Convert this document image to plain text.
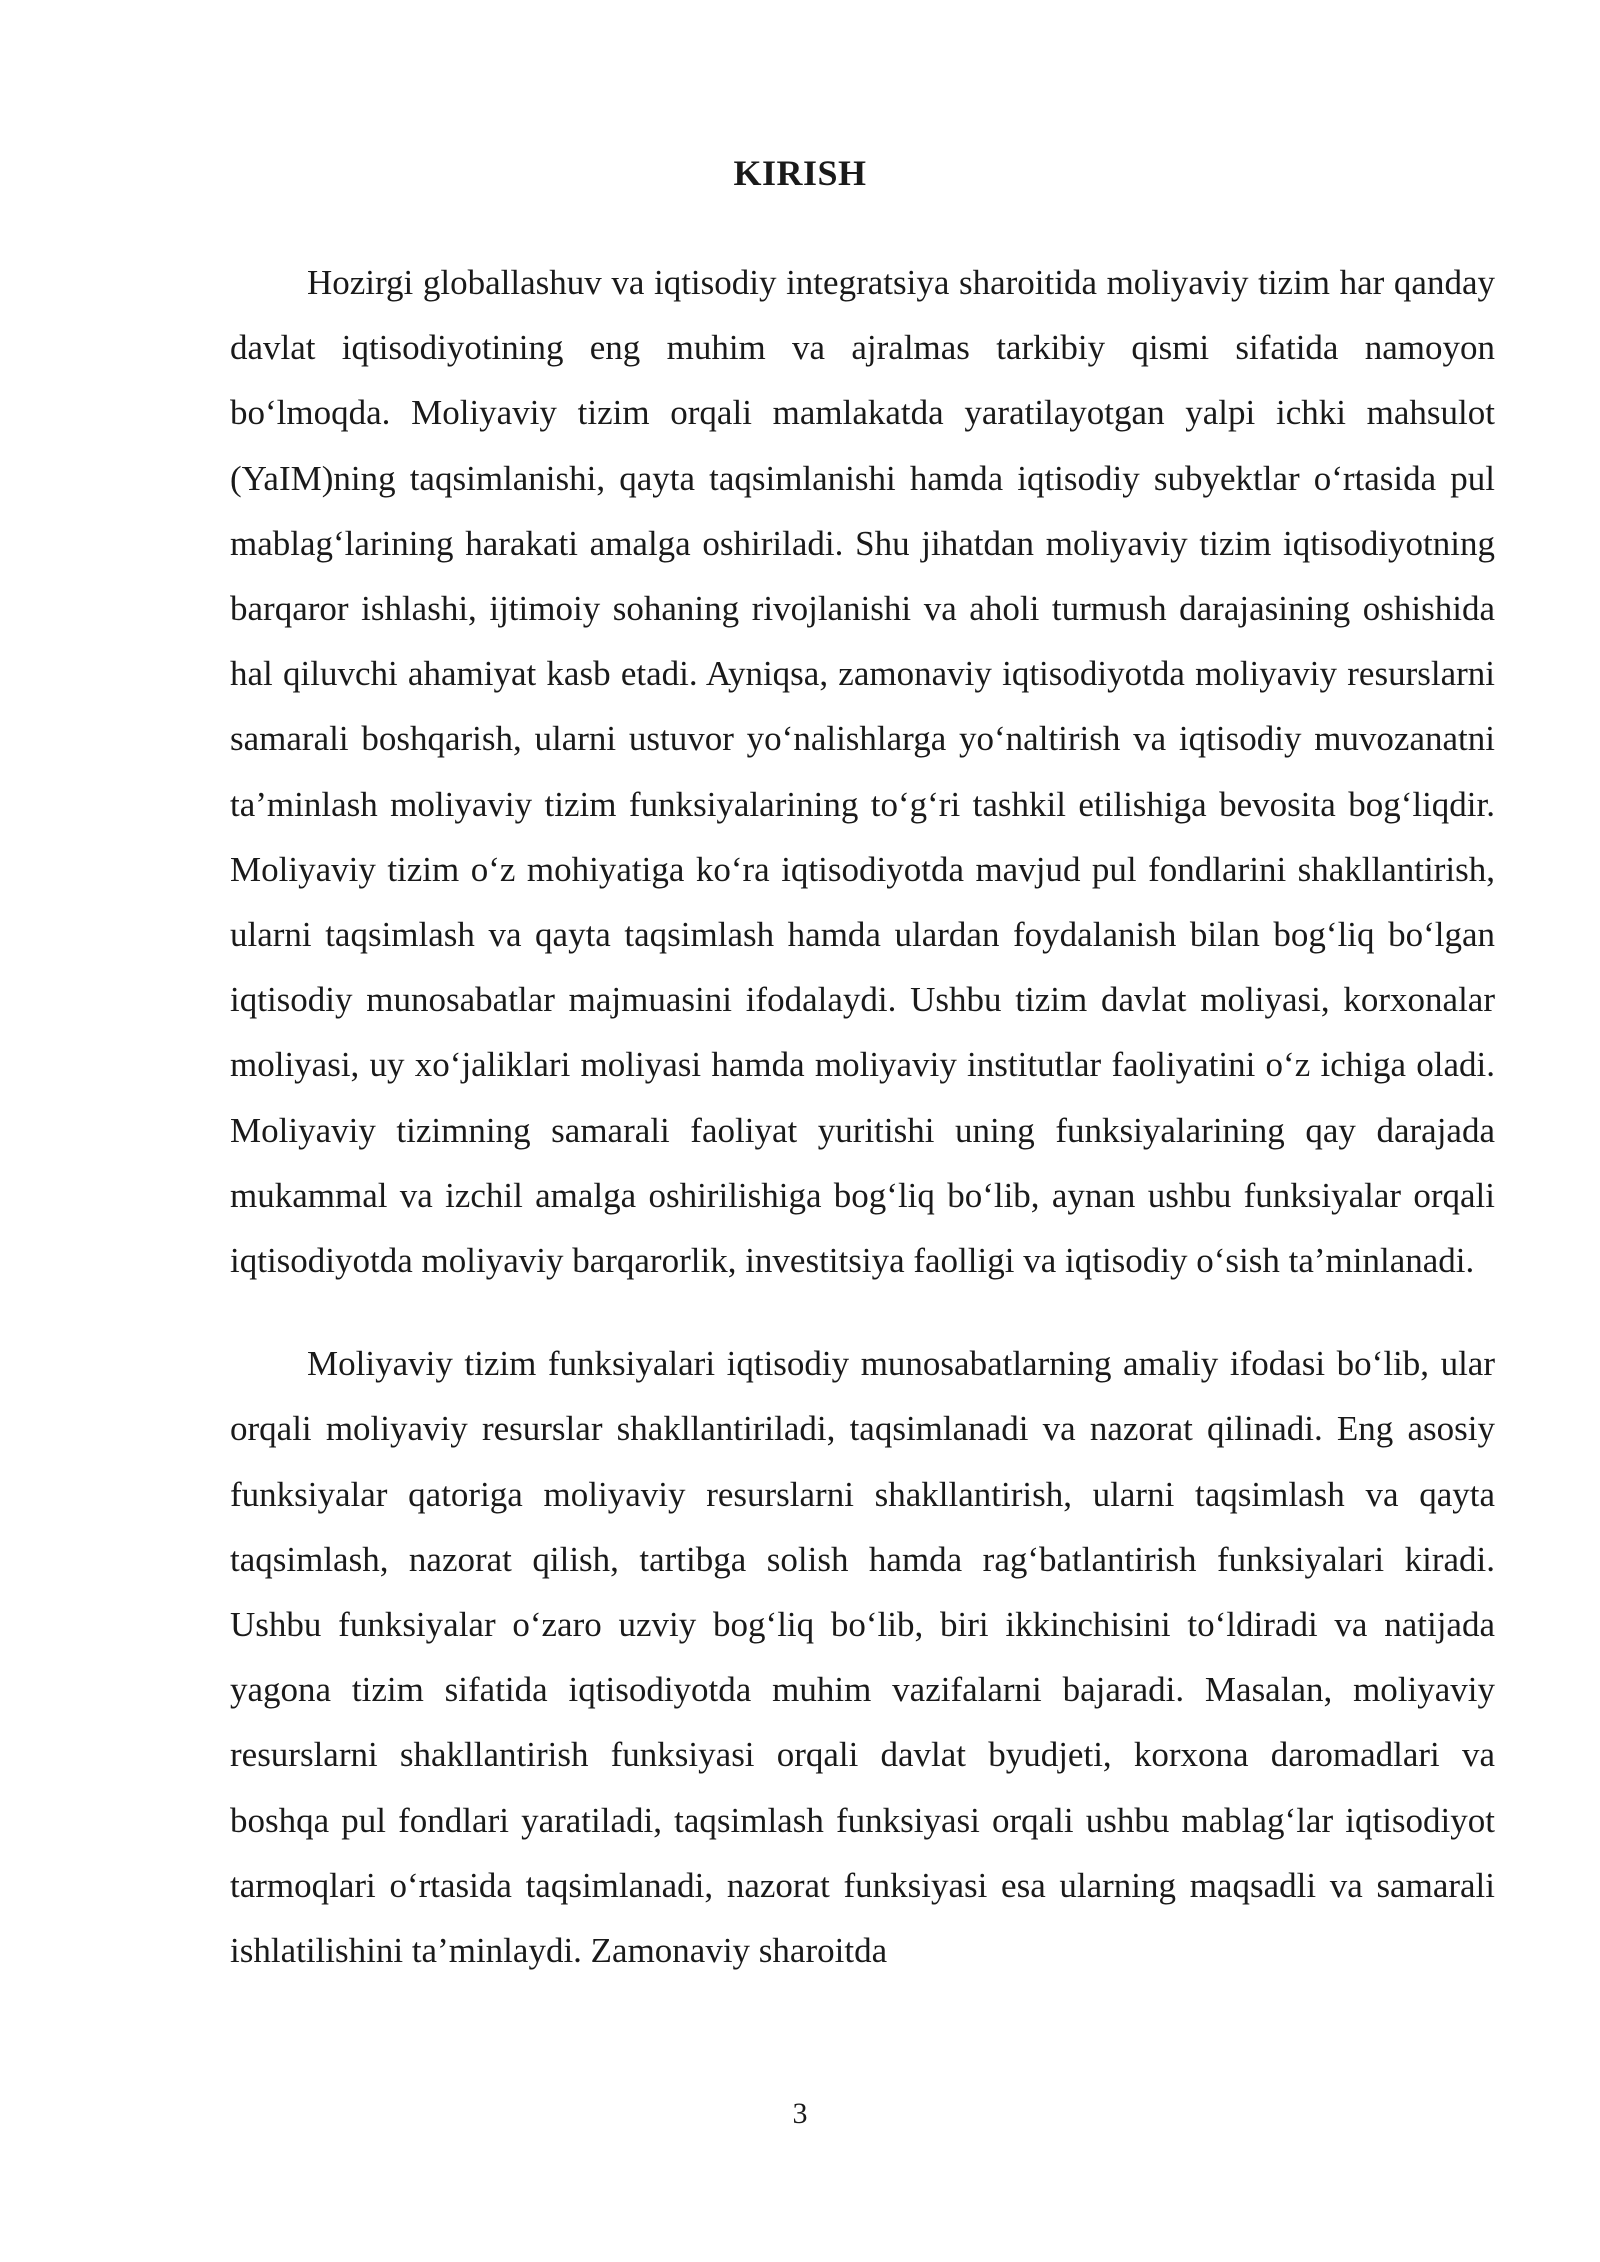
KIRISH

Hozirgi globallashuv va iqtisodiy integratsiya sharoitida moliyaviy tizim har qanday davlat iqtisodiyotining eng muhim va ajralmas tarkibiy qismi sifatida namoyon bo‘lmoqda. Moliyaviy tizim orqali mamlakatda yaratilayotgan yalpi ichki mahsulot (YaIM)ning taqsimlanishi, qayta taqsimlanishi hamda iqtisodiy subyektlar o‘rtasida pul mablag‘larining harakati amalga oshiriladi. Shu jihatdan moliyaviy tizim iqtisodiyotning barqaror ishlashi, ijtimoiy sohaning rivojlanishi va aholi turmush darajasining oshishida hal qiluvchi ahamiyat kasb etadi. Ayniqsa, zamonaviy iqtisodiyotda moliyaviy resurslarni samarali boshqarish, ularni ustuvor yo‘nalishlarga yo‘naltirish va iqtisodiy muvozanatni ta’minlash moliyaviy tizim funksiyalarining to‘g‘ri tashkil etilishiga bevosita bog‘liqdir. Moliyaviy tizim o‘z mohiyatiga ko‘ra iqtisodiyotda mavjud pul fondlarini shakllantirish, ularni taqsimlash va qayta taqsimlash hamda ulardan foydalanish bilan bog‘liq bo‘lgan iqtisodiy munosabatlar majmuasini ifodalaydi. Ushbu tizim davlat moliyasi, korxonalar moliyasi, uy xo‘jaliklari moliyasi hamda moliyaviy institutlar faoliyatini o‘z ichiga oladi. Moliyaviy tizimning samarali faoliyat yuritishi uning funksiyalarining qay darajada mukammal va izchil amalga oshirilishiga bog‘liq bo‘lib, aynan ushbu funksiyalar orqali iqtisodiyotda moliyaviy barqarorlik, investitsiya faolligi va iqtisodiy o‘sish ta’minlanadi.

Moliyaviy tizim funksiyalari iqtisodiy munosabatlarning amaliy ifodasi bo‘lib, ular orqali moliyaviy resurslar shakllantiriladi, taqsimlanadi va nazorat qilinadi. Eng asosiy funksiyalar qatoriga moliyaviy resurslarni shakllantirish, ularni taqsimlash va qayta taqsimlash, nazorat qilish, tartibga solish hamda rag‘batlantirish funksiyalari kiradi. Ushbu funksiyalar o‘zaro uzviy bog‘liq bo‘lib, biri ikkinchisini to‘ldiradi va natijada yagona tizim sifatida iqtisodiyotda muhim vazifalarni bajaradi. Masalan, moliyaviy resurslarni shakllantirish funksiyasi orqali davlat byudjeti, korxona daromadlari va boshqa pul fondlari yaratiladi, taqsimlash funksiyasi orqali ushbu mablag‘lar iqtisodiyot tarmoqlari o‘rtasida taqsimlanadi, nazorat funksiyasi esa ularning maqsadli va samarali ishlatilishini ta’minlaydi. Zamonaviy sharoitda

3
